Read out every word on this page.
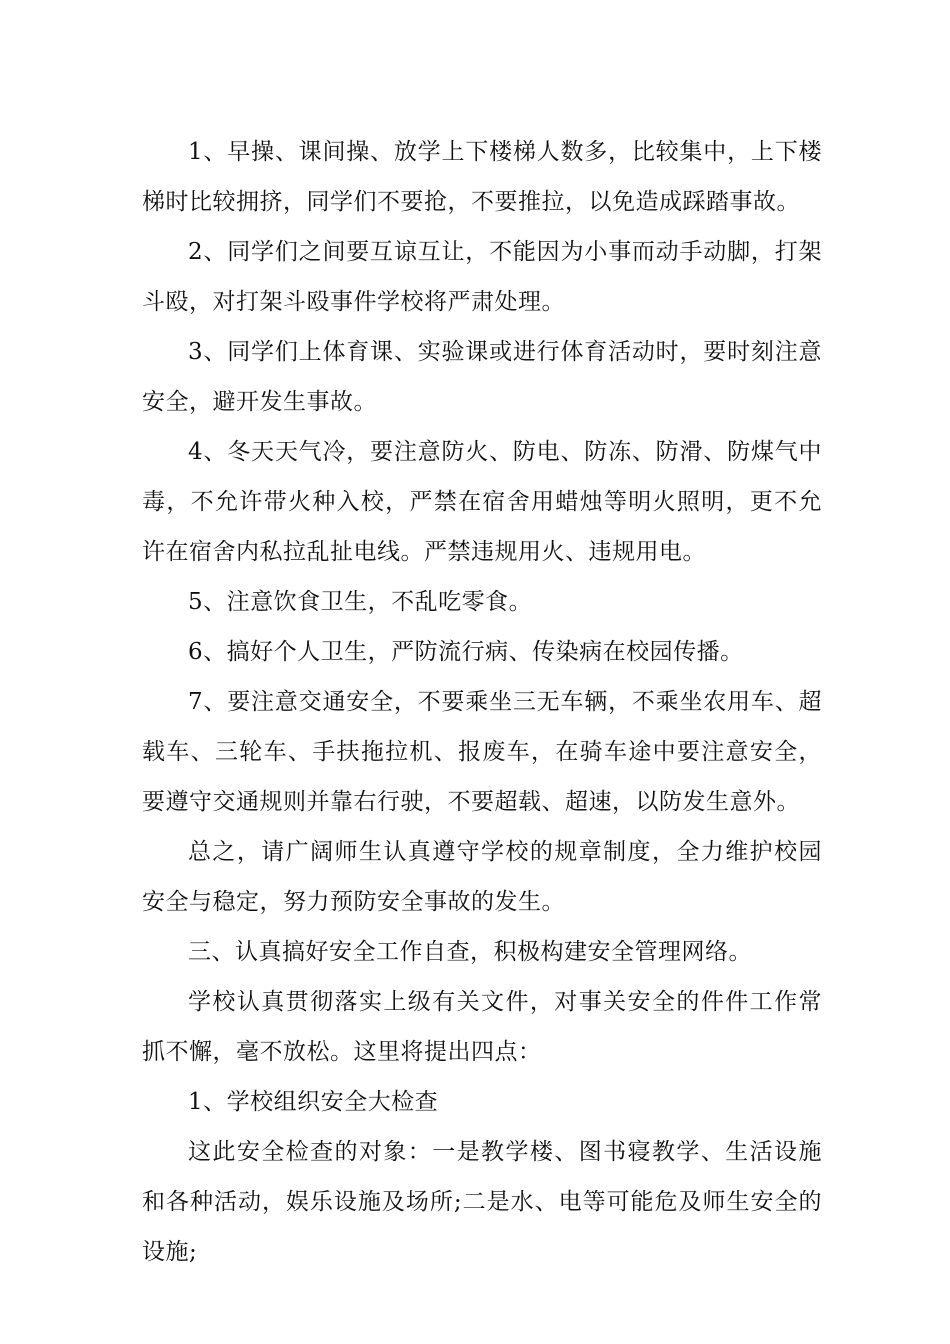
1、早操、课间操、放学上下楼梯人数多，比较集中，上下楼梯时比较拥挤，同学们不要抢，不要推拉，以免造成踩踏事故。

2、同学们之间要互谅互让，不能因为小事而动手动脚，打架斗殴，对打架斗殴事件学校将严肃处理。

3、同学们上体育课、实验课或进行体育活动时，要时刻注意安全，避开发生事故。

4、冬天天气冷，要注意防火、防电、防冻、防滑、防煤气中毒，不允许带火种入校，严禁在宿舍用蜡烛等明火照明，更不允许在宿舍内私拉乱扯电线。严禁违规用火、违规用电。

5、注意饮食卫生，不乱吃零食。

6、搞好个人卫生，严防流行病、传染病在校园传播。

7、要注意交通安全，不要乘坐三无车辆，不乘坐农用车、超载车、三轮车、手扶拖拉机、报废车，在骑车途中要注意安全，要遵守交通规则并靠右行驶，不要超载、超速，以防发生意外。

总之，请广阔师生认真遵守学校的规章制度，全力维护校园安全与稳定，努力预防安全事故的发生。

三、认真搞好安全工作自查，积极构建安全管理网络。

学校认真贯彻落实上级有关文件，对事关安全的件件工作常抓不懈，毫不放松。这里将提出四点：

1、学校组织安全大检查

这此安全检查的对象：一是教学楼、图书寝教学、生活设施和各种活动，娱乐设施及场所;二是水、电等可能危及师生安全的设施;
